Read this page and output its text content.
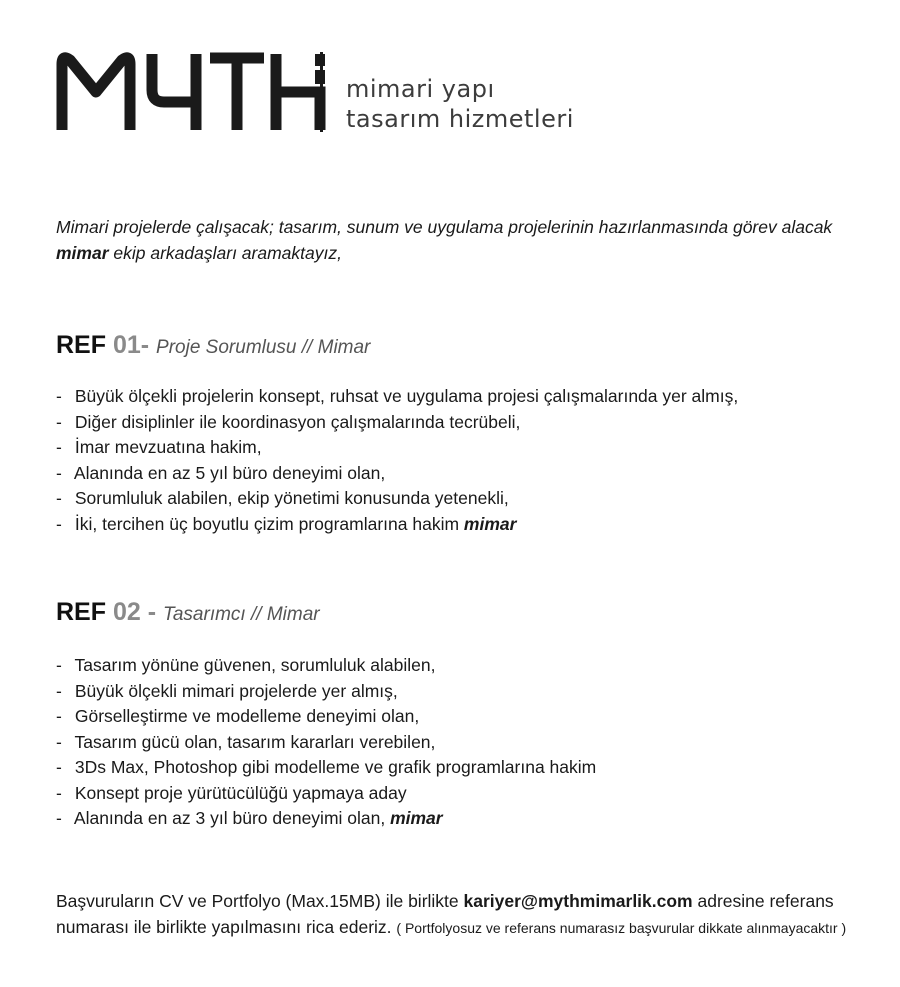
mimari yapı
tasarım hizmetleri

Mimari projelerde çalışacak; tasarım, sunum ve uygulama projelerinin hazırlanmasında görev alacak mimar ekip arkadaşları aramaktayız,

REF 01- Proje Sorumlusu // Mimar
- Büyük ölçekli projelerin konsept, ruhsat ve uygulama projesi çalışmalarında yer almış,
- Diğer disiplinler ile koordinasyon çalışmalarında tecrübeli,
- İmar mevzuatına hakim,
- Alanında en az 5 yıl büro deneyimi olan,
- Sorumluluk alabilen, ekip yönetimi konusunda yetenekli,
- İki, tercihen üç boyutlu çizim programlarına hakim mimar
REF 02 - Tasarımcı // Mimar
- Tasarım yönüne güvenen, sorumluluk alabilen,
- Büyük ölçekli mimari projelerde yer almış,
- Görselleştirme ve modelleme deneyimi olan,
- Tasarım gücü olan, tasarım kararları verebilen,
- 3Ds Max, Photoshop gibi modelleme ve grafik programlarına hakim
- Konsept proje yürütücülüğü yapmaya aday
- Alanında en az 3 yıl büro deneyimi olan, mimar

Başvuruların CV ve Portfolyo (Max.15MB) ile birlikte kariyer@mythmimarlik.com adresine referans numarası ile birlikte yapılmasını rica ederiz. ( Portfolyosuz ve referans numarasız başvurular dikkate alınmayacaktır )
